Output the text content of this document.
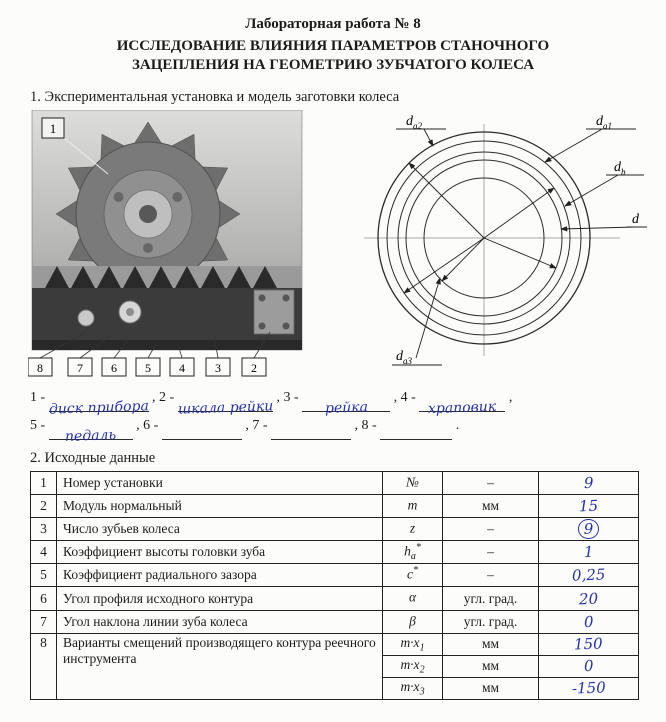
Лабораторная работа № 8
ИССЛЕДОВАНИЕ ВЛИЯНИЯ ПАРАМЕТРОВ СТАНОЧНОГО
ЗАЦЕПЛЕНИЯ НА ГЕОМЕТРИЮ ЗУБЧАТОГО КОЛЕСА
1. Экспериментальная установка и модель заготовки колеса
1
8	7 6 5 4	3	2
$d_{a2}$	$d_{a1}$
$d_b$
d
$d_{a3}$
1 - диск прибора , 2 - шкала рейки , 3 - рейка , 4 - храповик ,
5 - педаль , 6 -	, 7 -	, 8 -	.
2. Исходные данные
1	Номер установки	№	–	9
2	Модуль нормальный	m	мм	15
3	Число зубьев колеса	z	–	9
4	Коэффициент высоты головки зуба	$h_a^*$	–	1
5	Коэффициент радиального зазора	c*	–	0,25
6	Угол профиля исходного контура	α	угл. град.	20
7	Угол наклона линии зуба колеса	β	угл. град.	0
8	Варианты смещений производящего контура реечного инструмента	$m\cdot x_1$	мм	150
		$m\cdot x_2$	мм	0
		$m\cdot x_3$	мм	-150
